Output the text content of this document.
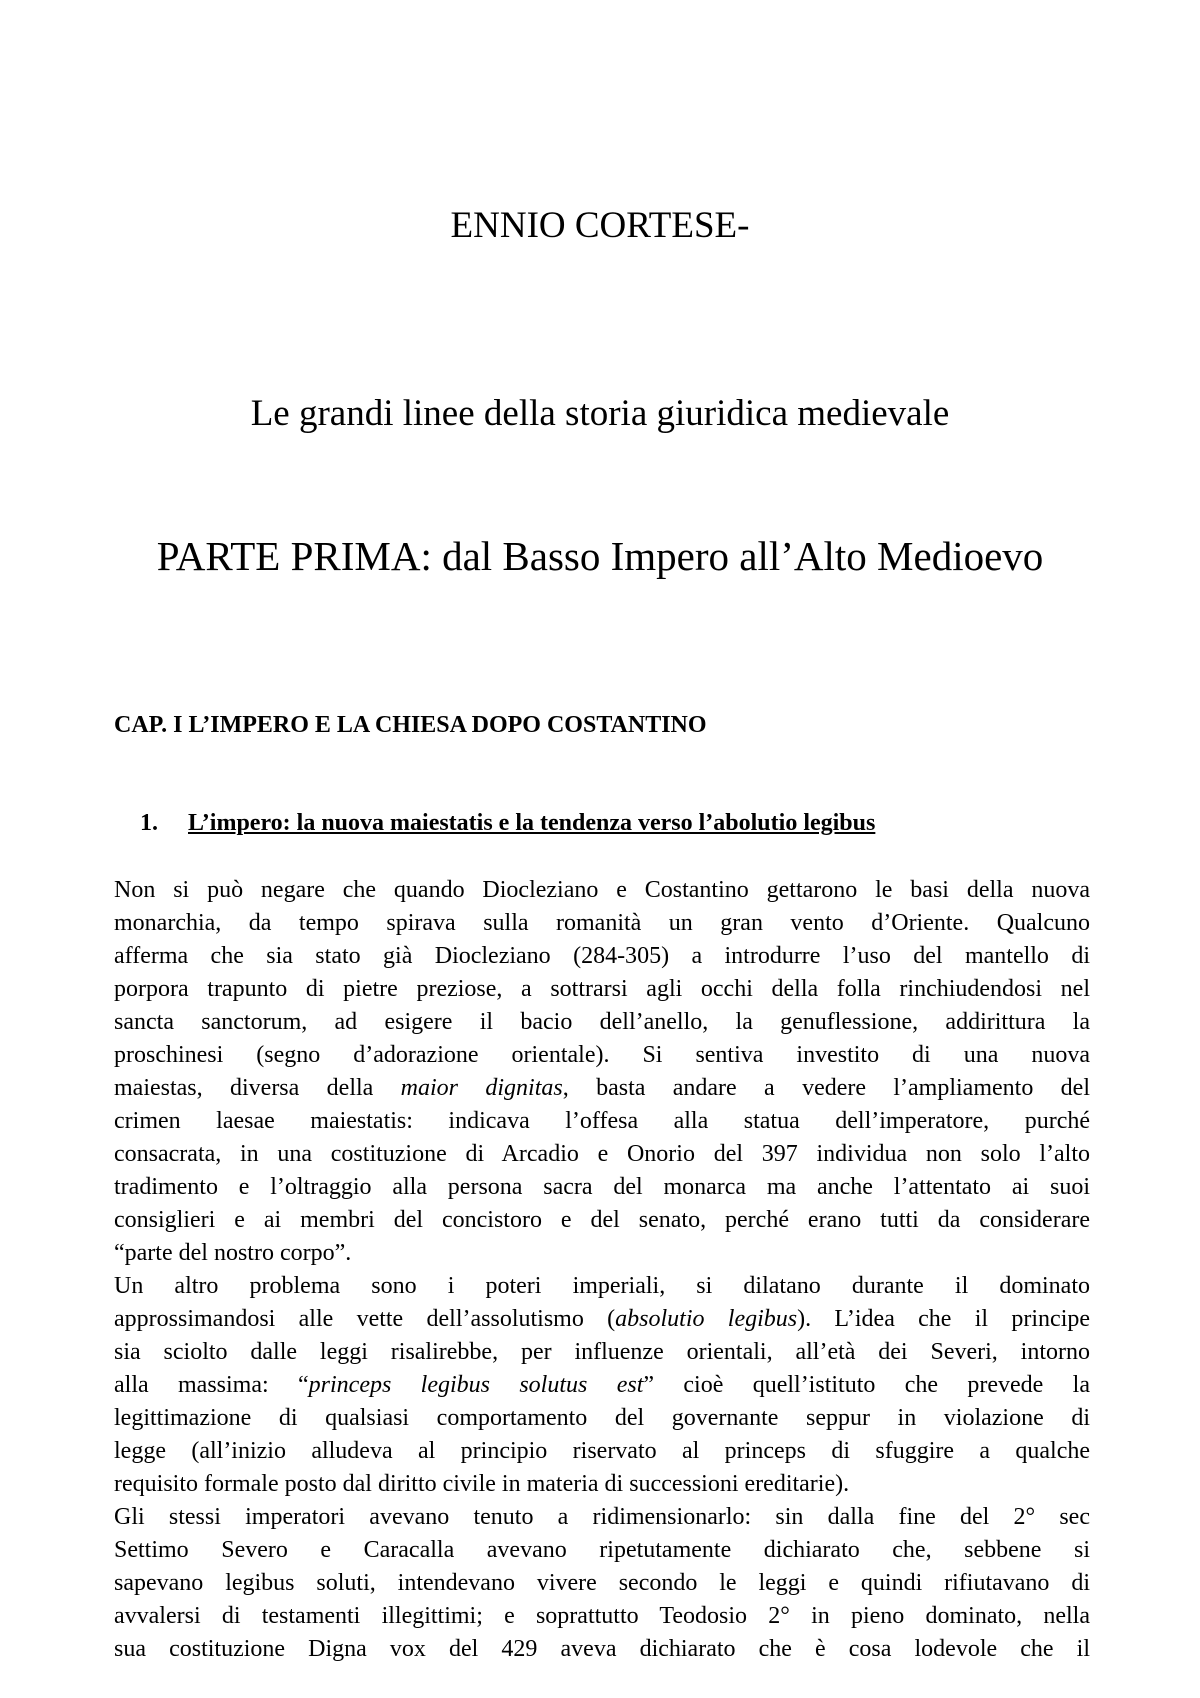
ENNIO CORTESE-
Le grandi linee della storia giuridica medievale
PARTE PRIMA: dal Basso Impero all’Alto Medioevo
CAP. I L’IMPERO E LA CHIESA DOPO COSTANTINO
1. L’impero: la nuova maiestatis e la tendenza verso l’abolutio legibus
Non si può negare che quando Diocleziano e Costantino gettarono le basi della nuova
monarchia, da tempo spirava sulla romanità un gran vento d’Oriente. Qualcuno
afferma che sia stato già Diocleziano (284-305) a introdurre l’uso del mantello di
porpora trapunto di pietre preziose, a sottrarsi agli occhi della folla rinchiudendosi nel
sancta sanctorum, ad esigere il bacio dell’anello, la genuflessione, addirittura la
proschinesi (segno d’adorazione orientale). Si sentiva investito di una nuova
maiestas, diversa della maior dignitas, basta andare a vedere l’ampliamento del
crimen laesae maiestatis: indicava l’offesa alla statua dell’imperatore, purché
consacrata, in una costituzione di Arcadio e Onorio del 397 individua non solo l’alto
tradimento e l’oltraggio alla persona sacra del monarca ma anche l’attentato ai suoi
consiglieri e ai membri del concistoro e del senato, perché erano tutti da considerare
“parte del nostro corpo”.
Un altro problema sono i poteri imperiali, si dilatano durante il dominato
approssimandosi alle vette dell’assolutismo (absolutio legibus). L’idea che il principe
sia sciolto dalle leggi risalirebbe, per influenze orientali, all’età dei Severi, intorno
alla massima: “princeps legibus solutus est” cioè quell’istituto che prevede la
legittimazione di qualsiasi comportamento del governante seppur in violazione di
legge (all’inizio alludeva al principio riservato al princeps di sfuggire a qualche
requisito formale posto dal diritto civile in materia di successioni ereditarie).
Gli stessi imperatori avevano tenuto a ridimensionarlo: sin dalla fine del 2° sec
Settimo Severo e Caracalla avevano ripetutamente dichiarato che, sebbene si
sapevano legibus soluti, intendevano vivere secondo le leggi e quindi rifiutavano di
avvalersi di testamenti illegittimi; e soprattutto Teodosio 2° in pieno dominato, nella
sua costituzione Digna vox del 429 aveva dichiarato che è cosa lodevole che il
